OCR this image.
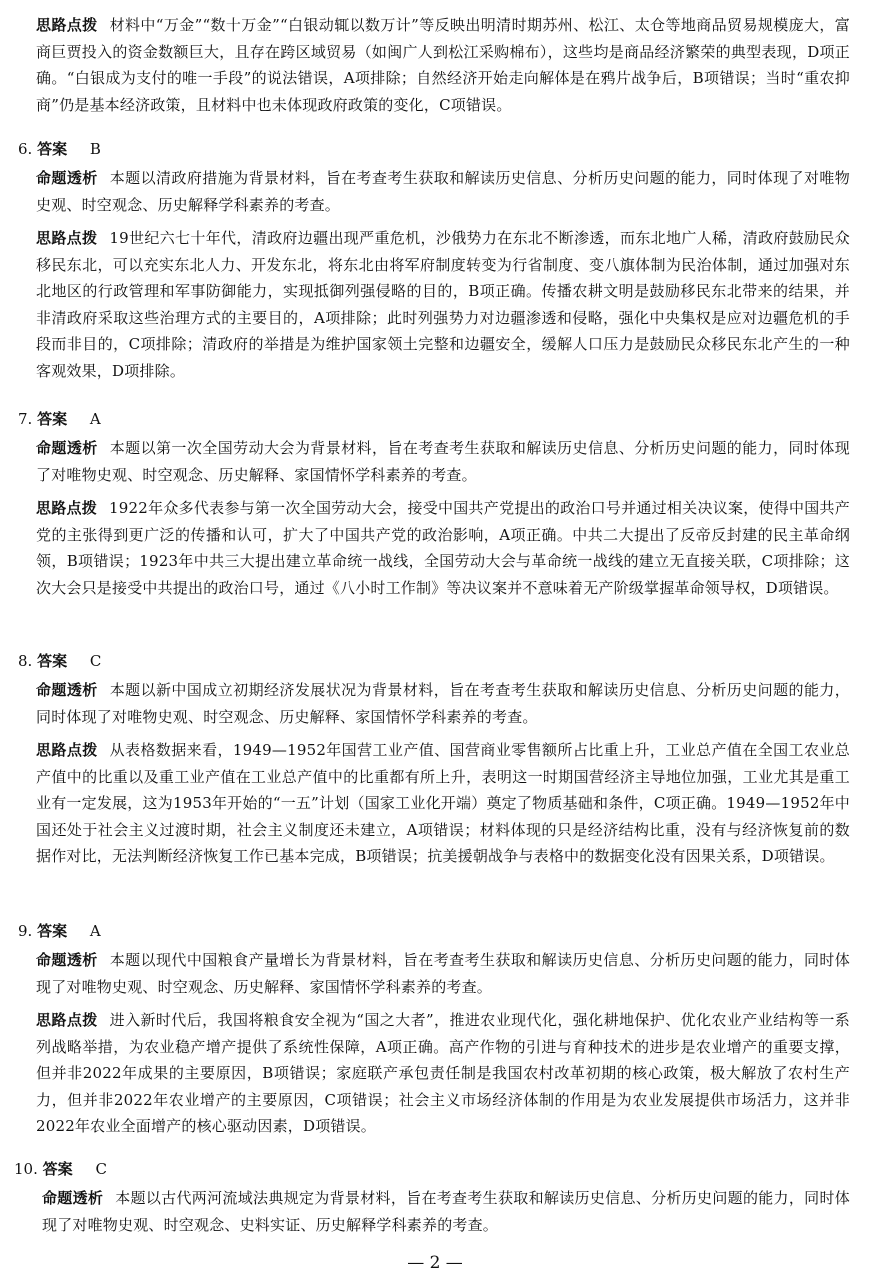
思路点拨 材料中“万金”“数十万金”“白银动辄以数万计”等反映出明清时期苏州、松江、太仓等地商品贸易规模庞大，富商巨贾投入的资金数额巨大，且存在跨区域贸易（如闽广人到松江采购棉布），这些均是商品经济繁荣的典型表现，D项正确。“白银成为支付的唯一手段”的说法错误，A项排除；自然经济开始走向解体是在鸦片战争后，B项错误；当时“重农抑商”仍是基本经济政策，且材料中也未体现政府政策的变化，C项错误。

6. 答案 B

命题透析 本题以清政府措施为背景材料，旨在考查考生获取和解读历史信息、分析历史问题的能力，同时体现了对唯物史观、时空观念、历史解释学科素养的考查。

思路点拨 19世纪六七十年代，清政府边疆出现严重危机，沙俄势力在东北不断渗透，而东北地广人稀，清政府鼓励民众移民东北，可以充实东北人力、开发东北，将东北由将军府制度转变为行省制度、变八旗体制为民治体制，通过加强对东北地区的行政管理和军事防御能力，实现抵御列强侵略的目的，B项正确。传播农耕文明是鼓励移民东北带来的结果，并非清政府采取这些治理方式的主要目的，A项排除；此时列强势力对边疆渗透和侵略，强化中央集权是应对边疆危机的手段而非目的，C项排除；清政府的举措是为维护国家领土完整和边疆安全，缓解人口压力是鼓励民众移民东北产生的一种客观效果，D项排除。

7. 答案 A

命题透析 本题以第一次全国劳动大会为背景材料，旨在考查考生获取和解读历史信息、分析历史问题的能力，同时体现了对唯物史观、时空观念、历史解释、家国情怀学科素养的考查。

思路点拨 1922年众多代表参与第一次全国劳动大会，接受中国共产党提出的政治口号并通过相关决议案，使得中国共产党的主张得到更广泛的传播和认可，扩大了中国共产党的政治影响，A项正确。中共二大提出了反帝反封建的民主革命纲领，B项错误；1923年中共三大提出建立革命统一战线，全国劳动大会与革命统一战线的建立无直接关联，C项排除；这次大会只是接受中共提出的政治口号，通过《八小时工作制》等决议案并不意味着无产阶级掌握革命领导权，D项错误。

8. 答案 C

命题透析 本题以新中国成立初期经济发展状况为背景材料，旨在考查考生获取和解读历史信息、分析历史问题的能力，同时体现了对唯物史观、时空观念、历史解释、家国情怀学科素养的考查。

思路点拨 从表格数据来看，1949—1952年国营工业产值、国营商业零售额所占比重上升，工业总产值在全国工农业总产值中的比重以及重工业产值在工业总产值中的比重都有所上升，表明这一时期国营经济主导地位加强，工业尤其是重工业有一定发展，这为1953年开始的“一五”计划（国家工业化开端）奠定了物质基础和条件，C项正确。1949—1952年中国还处于社会主义过渡时期，社会主义制度还未建立，A项错误；材料体现的只是经济结构比重，没有与经济恢复前的数据作对比，无法判断经济恢复工作已基本完成，B项错误；抗美援朝战争与表格中的数据变化没有因果关系，D项错误。

9. 答案 A

命题透析 本题以现代中国粮食产量增长为背景材料，旨在考查考生获取和解读历史信息、分析历史问题的能力，同时体现了对唯物史观、时空观念、历史解释、家国情怀学科素养的考查。

思路点拨 进入新时代后，我国将粮食安全视为“国之大者”，推进农业现代化，强化耕地保护、优化农业产业结构等一系列战略举措，为农业稳产增产提供了系统性保障，A项正确。高产作物的引进与育种技术的进步是农业增产的重要支撑，但并非2022年成果的主要原因，B项错误；家庭联产承包责任制是我国农村改革初期的核心政策，极大解放了农村生产力，但并非2022年农业增产的主要原因，C项错误；社会主义市场经济体制的作用是为农业发展提供市场活力，这并非2022年农业全面增产的核心驱动因素，D项错误。

10. 答案 C

命题透析 本题以古代两河流域法典规定为背景材料，旨在考查考生获取和解读历史信息、分析历史问题的能力，同时体现了对唯物史观、时空观念、史料实证、历史解释学科素养的考查。

— 2 —
